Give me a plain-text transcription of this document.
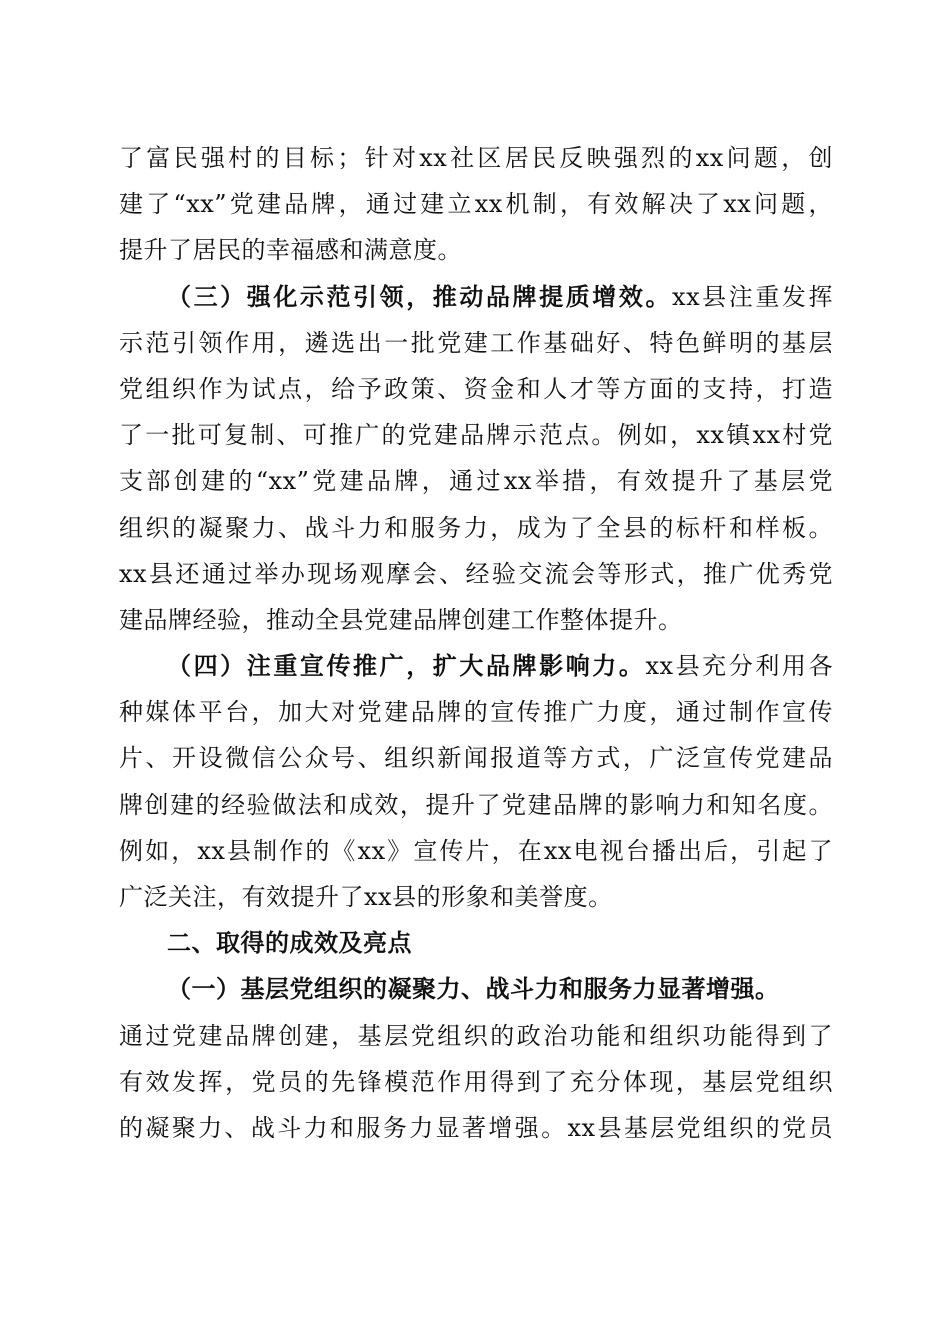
了富民强村的目标；针对xx社区居民反映强烈的xx问题，创
建了“xx”党建品牌，通过建立xx机制，有效解决了xx问题，
提升了居民的幸福感和满意度。
（三）强化示范引领，推动品牌提质增效。xx县注重发挥
示范引领作用，遴选出一批党建工作基础好、特色鲜明的基层
党组织作为试点，给予政策、资金和人才等方面的支持，打造
了一批可复制、可推广的党建品牌示范点。例如，xx镇xx村党
支部创建的“xx”党建品牌，通过xx举措，有效提升了基层党
组织的凝聚力、战斗力和服务力，成为了全县的标杆和样板。
xx县还通过举办现场观摩会、经验交流会等形式，推广优秀党
建品牌经验，推动全县党建品牌创建工作整体提升。
（四）注重宣传推广，扩大品牌影响力。xx县充分利用各
种媒体平台，加大对党建品牌的宣传推广力度，通过制作宣传
片、开设微信公众号、组织新闻报道等方式，广泛宣传党建品
牌创建的经验做法和成效，提升了党建品牌的影响力和知名度。
例如，xx县制作的《xx》宣传片，在xx电视台播出后，引起了
广泛关注，有效提升了xx县的形象和美誉度。
二、取得的成效及亮点
（一）基层党组织的凝聚力、战斗力和服务力显著增强。
通过党建品牌创建，基层党组织的政治功能和组织功能得到了
有效发挥，党员的先锋模范作用得到了充分体现，基层党组织
的凝聚力、战斗力和服务力显著增强。xx县基层党组织的党员
